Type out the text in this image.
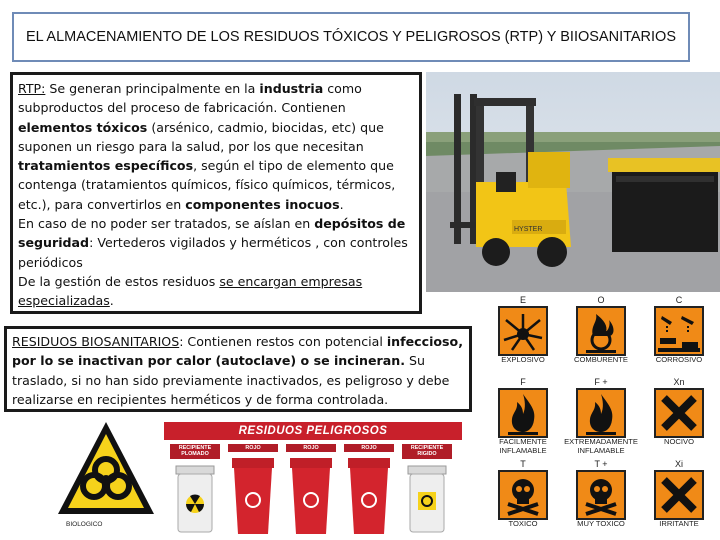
EL ALMACENAMIENTO DE LOS RESIDUOS TÓXICOS Y PELIGROSOS (RTP) Y BIIOSANITARIOS

RTP: Se generan principalmente en la industria como subproductos del proceso de fabricación. Contienen elementos tóxicos (arsénico, cadmio, biocidas, etc) que suponen un riesgo para la salud, por los que necesitan tratamientos específicos, según el tipo de elemento que contenga (tratamientos químicos, físico químicos, térmicos, etc.), para convertirlos en componentes inocuos.

En caso de no poder ser tratados, se aíslan en depósitos de seguridad: Vertederos vigilados y herméticos , con controles periódicos

De la gestión de estos residuos se encargan empresas especializadas.

HYSTER
RESIDUOS BIOSANITARIOS: Contienen restos con potencial infeccioso, por lo se inactivan por calor (autoclave) o se incineran. Su traslado, si no han sido previamente inactivados, es peligroso y debe realizarse en recipientes herméticos y de forma controlada.
E
EXPLOSIVO
O
COMBURENTE
C
CORROSIVO
F
FACILMENTE INFLAMABLE
F +
EXTREMADAMENTE INFLAMABLE
Xn
NOCIVO
T
TOXICO
T +
MUY TOXICO
Xi
IRRITANTE
BIOLOGICO
RESIDUOS PELIGROSOS
RECIPIENTE PLOMADO
ROJO	ROJO	ROJO	RECIPIENTE RIGIDO
